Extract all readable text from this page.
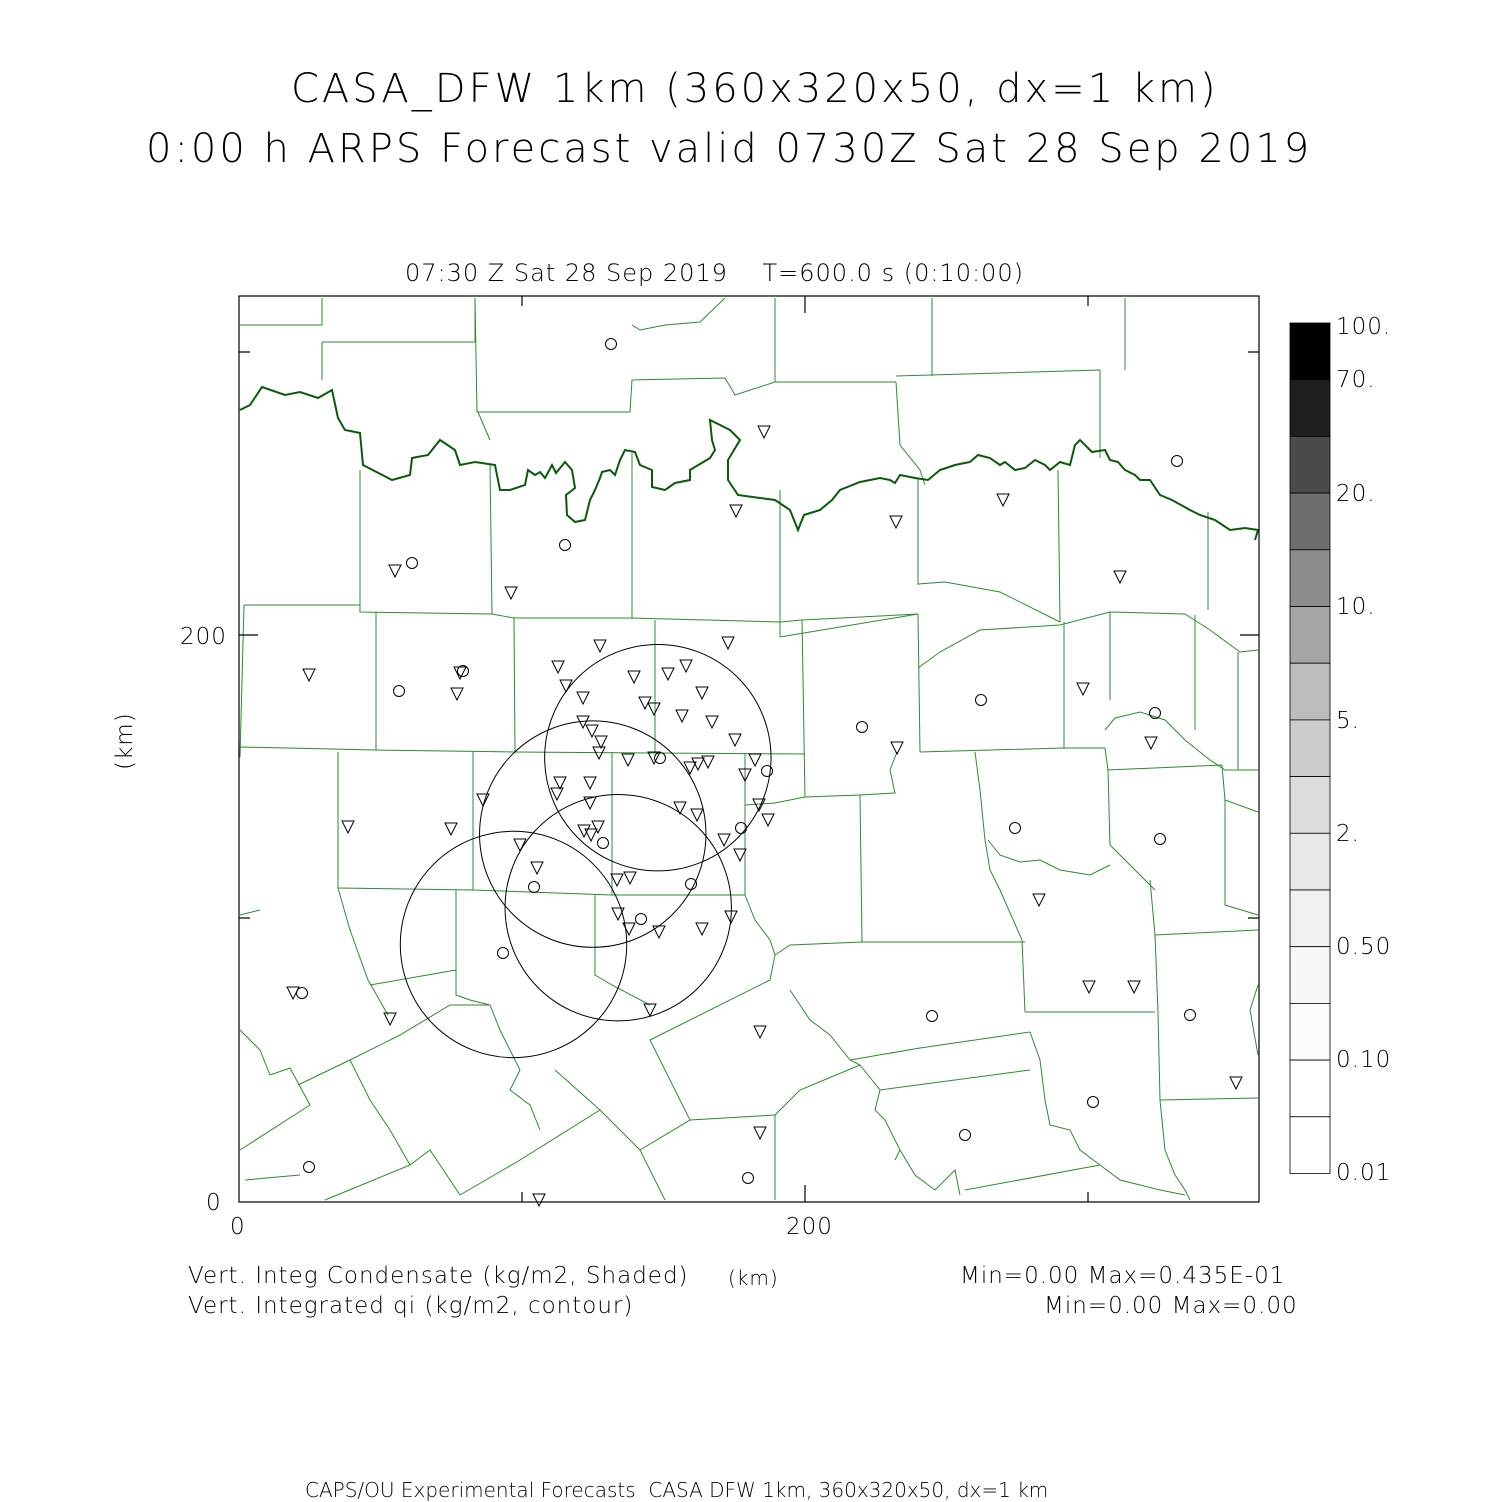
CASA_DFW 1km (360x320x50, dx=1 km)
0:00 h ARPS Forecast valid 0730Z Sat 28 Sep 2019
07:30 Z Sat 28 Sep 2019    T=600.0 s (0:10:00)
(km)
0	200
0
200
Vert. Integ Condensate (kg/m2, Shaded) (km)
Vert. Integrated qi (kg/m2, contour)
Min=0.00 Max=0.435E-01
Min=0.00 Max=0.00
CAPS/OU Experimental Forecasts  CASA DFW 1km, 360x320x50, dx=1 km
100.
70.
20.
10.
5.
2.
0.50
0.10
0.01
